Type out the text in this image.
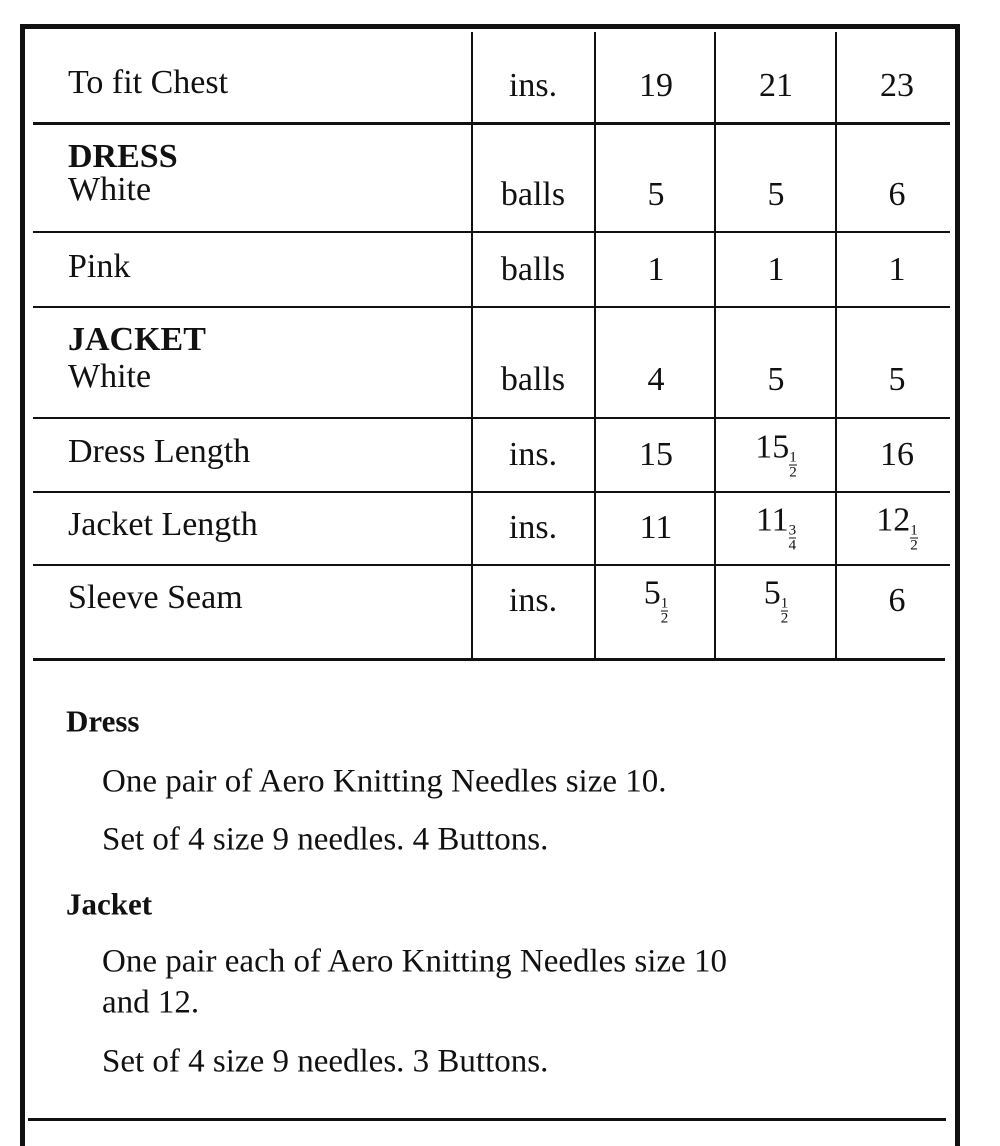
To fit Chest	ins.	19	21	23
DRESS
White	balls	5	5	6
Pink	balls	1	1	1
JACKET
White	balls	4	5	5
Dress Length	ins.	15	$15 \frac{1}{2}$	16
Jacket Length	ins.	11	$11 \frac{3}{4}$	$12 \frac{1}{2}$
Sleeve Seam	ins.	$5 \frac{1}{2}$	$5 \frac{1}{2}$	6
Dress
One pair of Aero Knitting Needles size 10.
Set of 4 size 9 needles. 4 Buttons.
Jacket
One pair each of Aero Knitting Needles size 10
and 12.
Set of 4 size 9 needles. 3 Buttons.
